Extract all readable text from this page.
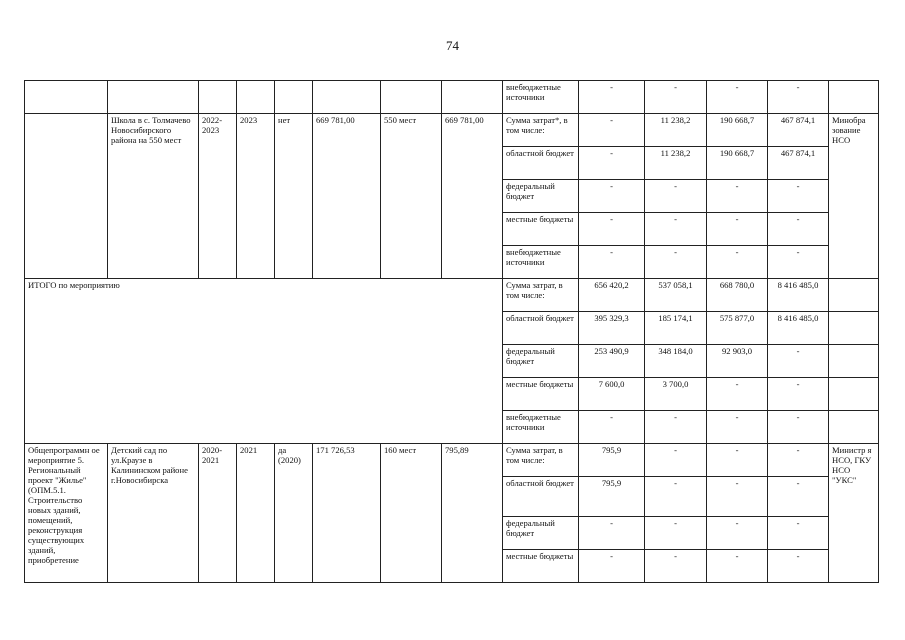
74
								внебюджетные источники	-	-	-	-	
	Школа в с. Толмачево Новосибирского района на 550 мест	2022-2023	2023	нет	669 781,00	550 мест	669 781,00	Сумма затрат*, в том числе:	-	11 238,2	190 668,7	467 874,1	Минобра зование НСО
								областной бюджет	-	11 238,2	190 668,7	467 874,1	
								федеральный бюджет	-	-	-	-	
								местные бюджеты	-	-	-	-	
								внебюджетные источники	-	-	-	-	
ИТОГО по мероприятию								Сумма затрат, в том числе:	656 420,2	537 058,1	668 780,0	8 416 485,0	
								областной бюджет	395 329,3	185 174,1	575 877,0	8 416 485,0	
								федеральный бюджет	253 490,9	348 184,0	92 903,0	-	
								местные бюджеты	7 600,0	3 700,0	-	-	
								внебюджетные источники	-	-	-	-	
Общепрограммн ое мероприятие 5. Региональный проект "Жилье" (ОПМ.5.1. Строительство новых зданий, помещений, реконструкция существующих зданий, приобретение	Детский сад по ул.Краузе в Калининском районе г.Новосибирска	2020-2021	2021	да (2020)	171 726,53	160 мест	795,89	Сумма затрат, в том числе:	795,9	-	-	-	Министр я НСО, ГКУ НСО "УКС"
								областной бюджет	795,9	-	-	-	
								федеральный бюджет	-	-	-	-	
								местные бюджеты	-	-	-	-	
